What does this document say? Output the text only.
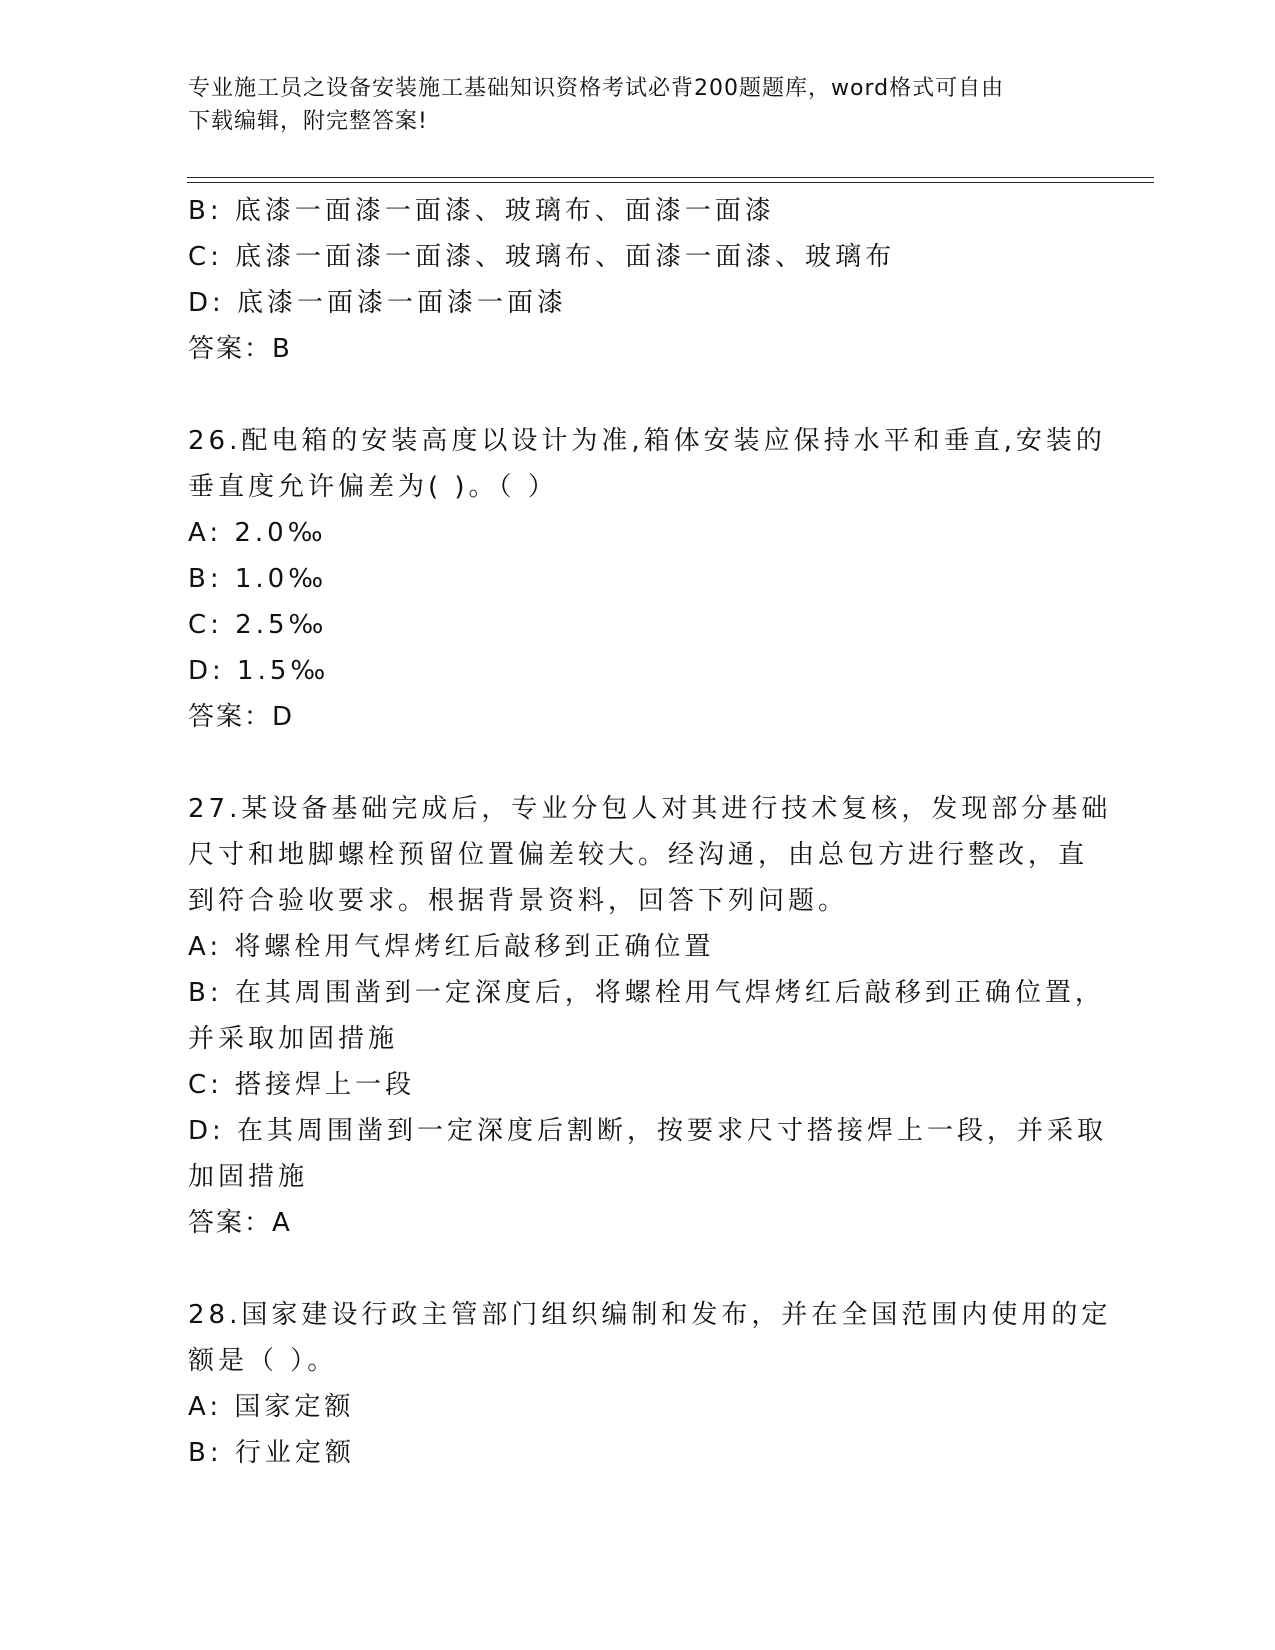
专业施工员之设备安装施工基础知识资格考试必背200题题库，word格式可自由
下载编辑，附完整答案!
B: 底漆一面漆一面漆、玻璃布、面漆一面漆
C: 底漆一面漆一面漆、玻璃布、面漆一面漆、玻璃布
D: 底漆一面漆一面漆一面漆
答案：B
26.配电箱的安装高度以设计为准,箱体安装应保持水平和垂直,安装的
垂直度允许偏差为( )。（ ）
A: 2.0‰
B: 1.0‰
C: 2.5‰
D: 1.5‰
答案：D
27.某设备基础完成后，专业分包人对其进行技术复核，发现部分基础
尺寸和地脚螺栓预留位置偏差较大。经沟通，由总包方进行整改，直
到符合验收要求。根据背景资料，回答下列问题。
A: 将螺栓用气焊烤红后敲移到正确位置
B: 在其周围凿到一定深度后，将螺栓用气焊烤红后敲移到正确位置，
并采取加固措施
C: 搭接焊上一段
D: 在其周围凿到一定深度后割断，按要求尺寸搭接焊上一段，并采取
加固措施
答案：A
28.国家建设行政主管部门组织编制和发布，并在全国范围内使用的定
额是（ ）。
A: 国家定额
B: 行业定额
